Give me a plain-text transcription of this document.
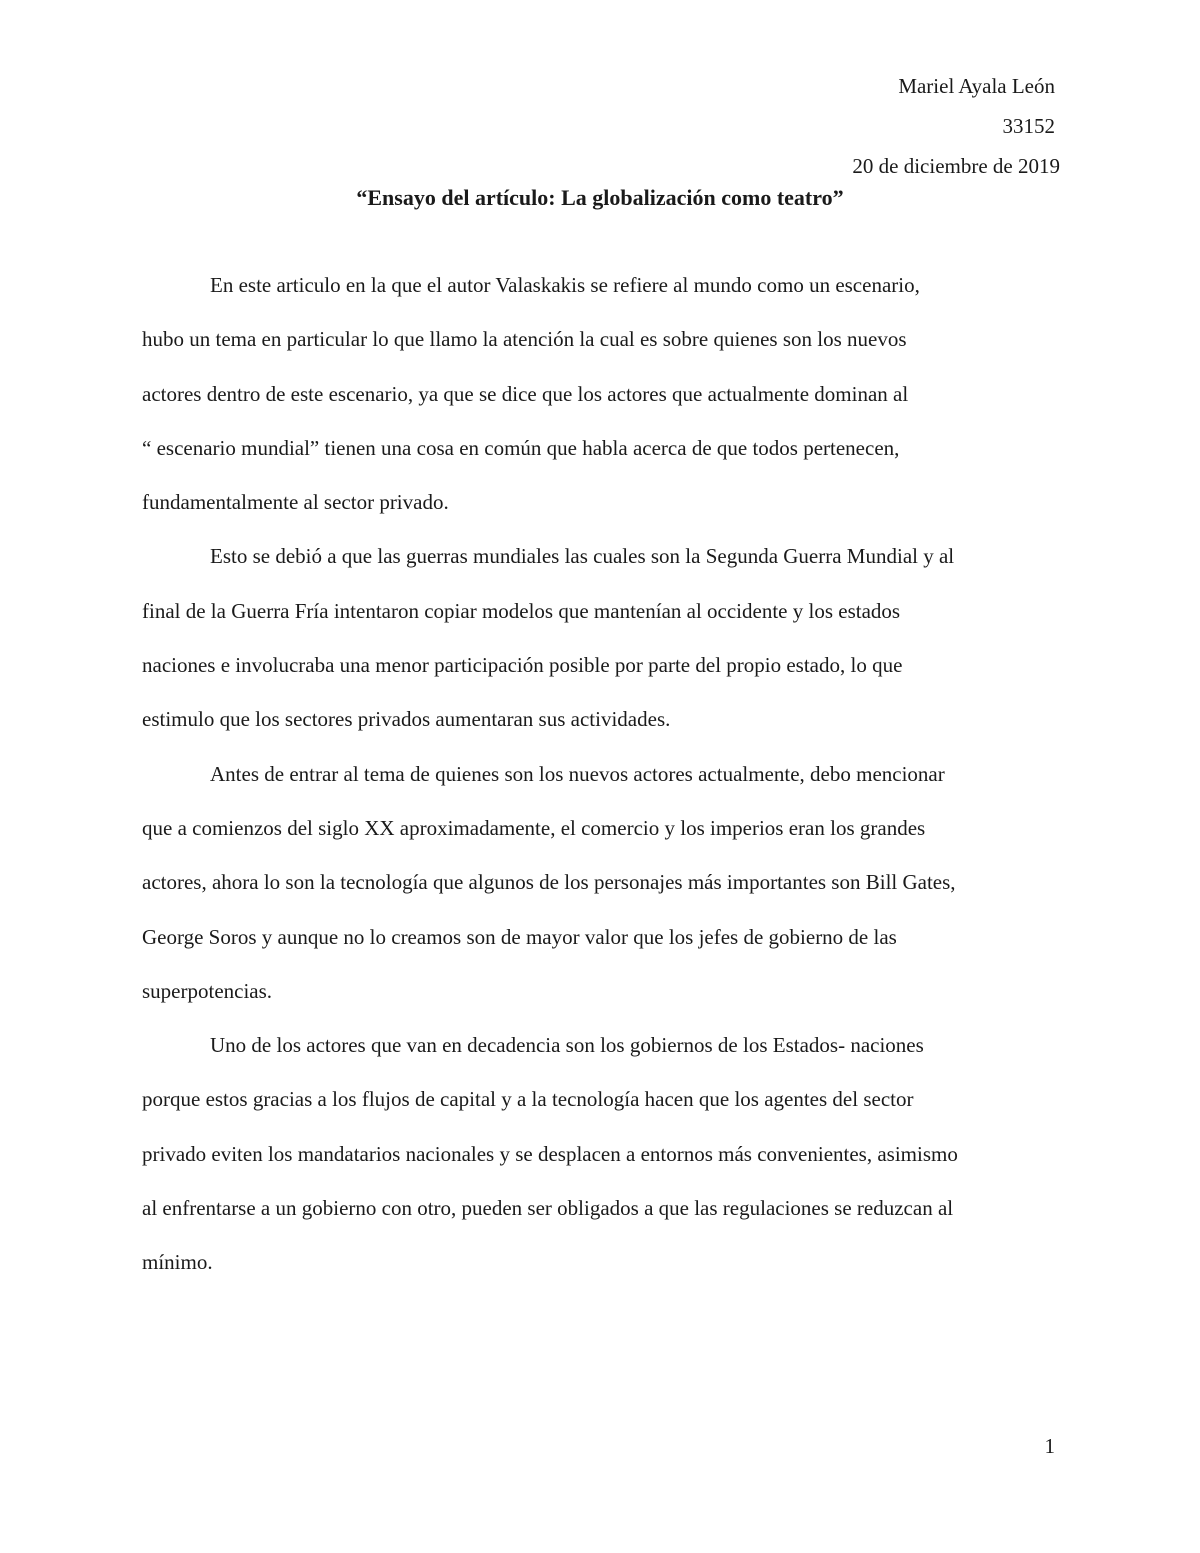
Mariel Ayala León
33152
20 de diciembre de 2019
“Ensayo del artículo: La globalización como teatro”
En este articulo en la que el autor Valaskakis se refiere al mundo como un escenario,
hubo un tema en particular lo que llamo la atención la cual es sobre quienes son los nuevos
actores dentro de este escenario, ya que se dice que los actores que actualmente dominan al
“ escenario mundial” tienen una cosa en común que habla acerca de que todos pertenecen,
fundamentalmente al sector privado.
Esto se debió a que las guerras mundiales las cuales son la Segunda Guerra Mundial y al
final de la Guerra Fría intentaron copiar modelos que mantenían al occidente y los estados
naciones e involucraba una menor participación posible por parte del propio estado, lo que
estimulo que los sectores privados aumentaran sus actividades.
Antes de entrar al tema de quienes son los nuevos actores actualmente, debo mencionar
que a comienzos del siglo XX aproximadamente, el comercio y los imperios eran los grandes
actores, ahora lo son la tecnología que algunos de los personajes más importantes son Bill Gates,
George Soros y aunque no lo creamos son de mayor valor que los jefes de gobierno de las
superpotencias.
Uno de los actores que van en decadencia son los gobiernos de los Estados- naciones
porque estos gracias a los flujos de capital y a la tecnología hacen que los agentes del sector
privado eviten los mandatarios nacionales y se desplacen a entornos más convenientes, asimismo
al enfrentarse a un gobierno con otro, pueden ser obligados a que las regulaciones se reduzcan al
mínimo.
1
